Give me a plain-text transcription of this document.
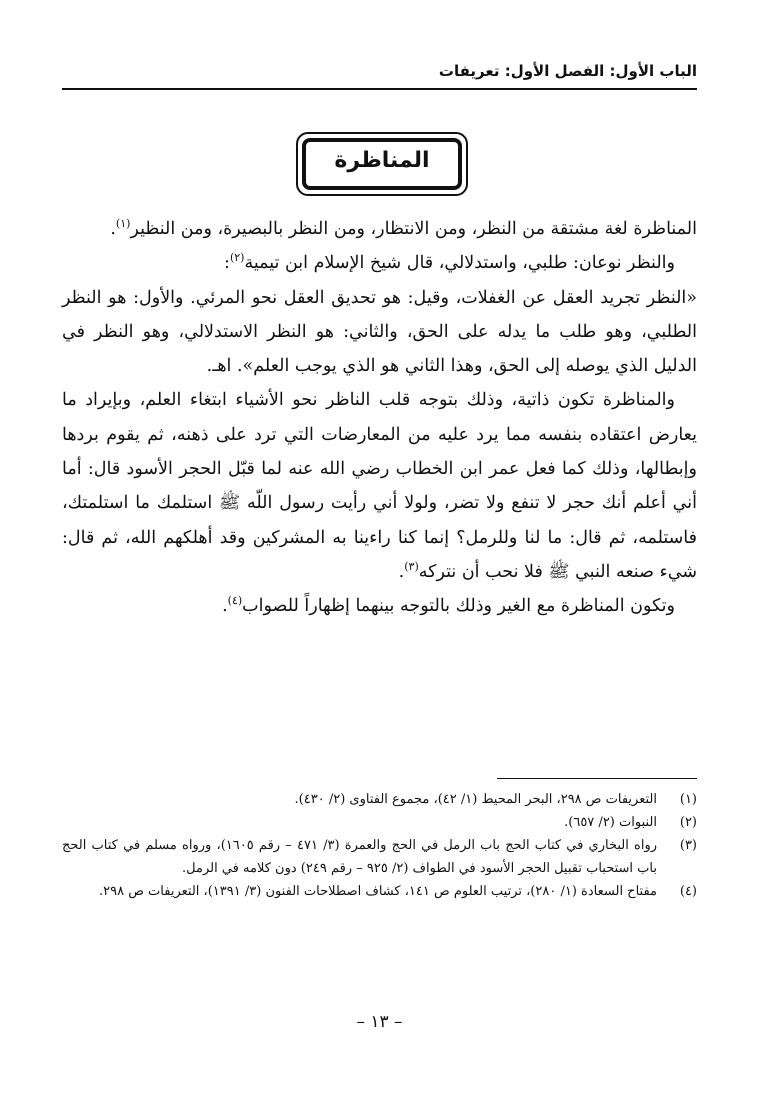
الباب الأول: الفصل الأول: تعريفات
المناظرة

المناظرة لغة مشتقة من النظر، ومن الانتظار، ومن النظر بالبصيرة، ومن النظير$^{(١)}$.

والنظر نوعان: طلبي، واستدلالي، قال شيخ الإسلام ابن تيمية$^{(٢)}$:

«النظر تجريد العقل عن الغفلات، وقيل: هو تحديق العقل نحو المرئي. والأول: هو النظر الطلبي، وهو طلب ما يدله على الحق، والثاني: هو النظر الاستدلالي، وهو النظر في الدليل الذي يوصله إلى الحق، وهذا الثاني هو الذي يوجب العلم». اهـ.

والمناظرة تكون ذاتية، وذلك بتوجه قلب الناظر نحو الأشياء ابتغاء العلم، وبإيراد ما يعارض اعتقاده بنفسه مما يرد عليه من المعارضات التي ترد على ذهنه، ثم يقوم بردها وإبطالها، وذلك كما فعل عمر ابن الخطاب رضي الله عنه لما قبّل الحجر الأسود قال: أما أني أعلم أنك حجر لا تنفع ولا تضر، ولولا أني رأيت رسول اللّه ﷺ استلمك ما استلمتك، فاستلمه، ثم قال: ما لنا وللرمل؟ إنما كنا راءينا به المشركين وقد أهلكهم الله، ثم قال: شيء صنعه النبي ﷺ فلا نحب أن نتركه$^{(٣)}$.

وتكون المناظرة مع الغير وذلك بالتوجه بينهما إظهاراً للصواب$^{(٤)}$.

(١)
التعريفات ص ٢٩٨، البحر المحيط (١/ ٤٢)، مجموع الفتاوى (٢/ ٤٣٠).
(٢)
النبوات (٢/ ٦٥٧).
(٣)
رواه البخاري في كتاب الحج باب الرمل في الحج والعمرة (٣/ ٤٧١ – رقم ١٦٠٥)، ورواه مسلم في كتاب الحج باب استحباب تقبيل الحجر الأسود في الطواف (٢/ ٩٢٥ – رقم ٢٤٩) دون كلامه في الرمل.
(٤)
مفتاح السعادة (١/ ٢٨٠)، ترتيب العلوم ص ١٤١، كشاف اصطلاحات الفنون (٣/ ١٣٩١)، التعريفات ص ٢٩٨.
– ١٣ –
